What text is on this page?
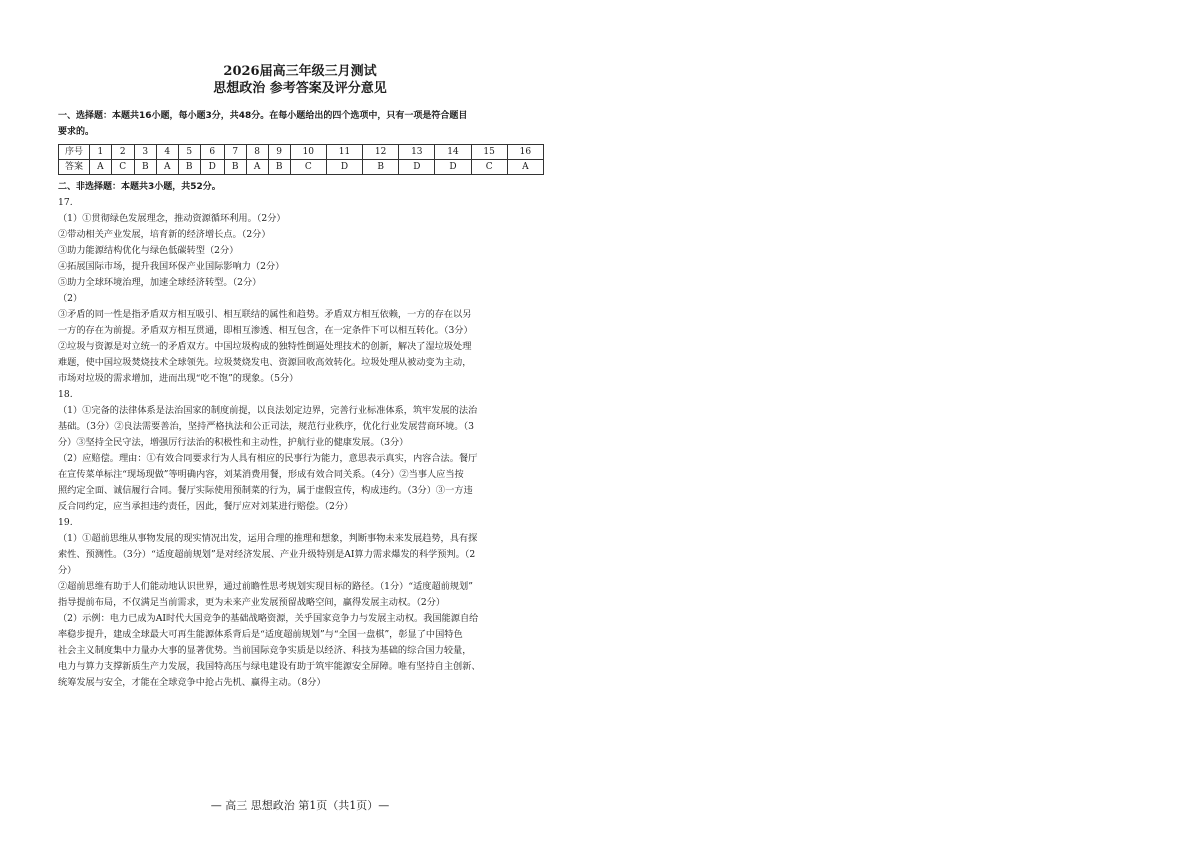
2026届高三年级三月测试
思想政治 参考答案及评分意见

一、选择题：本题共16小题，每小题3分，共48分。在每小题给出的四个选项中，只有一项是符合题目

要求的。

序号	1	2	3	4	5	6	7	8	9	10	11	12	13	14	15	16
答案	A	C	B	A	B	D	B	A	B	C	D	B	D	D	C	A

二、非选择题：本题共3小题，共52分。

17.

（1）①贯彻绿色发展理念，推动资源循环利用。（2分）

②带动相关产业发展，培育新的经济增长点。（2分）

③助力能源结构优化与绿色低碳转型（2分）

④拓展国际市场，提升我国环保产业国际影响力（2分）

⑤助力全球环境治理，加速全球经济转型。（2分）

（2）

③矛盾的同一性是指矛盾双方相互吸引、相互联结的属性和趋势。矛盾双方相互依赖，一方的存在以另

一方的存在为前提。矛盾双方相互贯通，即相互渗透、相互包含，在一定条件下可以相互转化。（3分）

②垃圾与资源是对立统一的矛盾双方。中国垃圾构成的独特性倒逼处理技术的创新，解决了湿垃圾处理

难题，使中国垃圾焚烧技术全球领先。垃圾焚烧发电、资源回收高效转化。垃圾处理从被动变为主动，

市场对垃圾的需求增加，进而出现“吃不饱”的现象。（5分）

18.

（1）①完备的法律体系是法治国家的制度前提，以良法划定边界，完善行业标准体系，筑牢发展的法治

基础。（3分）②良法需要善治，坚持严格执法和公正司法，规范行业秩序，优化行业发展营商环境。（3

分）③坚持全民守法，增强厉行法治的积极性和主动性，护航行业的健康发展。（3分）

（2）应赔偿。理由：①有效合同要求行为人具有相应的民事行为能力，意思表示真实，内容合法。餐厅

在宣传菜单标注“现场现做”等明确内容，刘某消费用餐，形成有效合同关系。（4分）②当事人应当按

照约定全面、诚信履行合同。餐厅实际使用预制菜的行为，属于虚假宣传，构成违约。（3分）③一方违

反合同约定，应当承担违约责任，因此，餐厅应对刘某进行赔偿。（2分）

19.

（1）①超前思维从事物发展的现实情况出发，运用合理的推理和想象，判断事物未来发展趋势，具有探

索性、预测性。（3分）“适度超前规划”是对经济发展、产业升级特别是AI算力需求爆发的科学预判。（2

分）

②超前思维有助于人们能动地认识世界，通过前瞻性思考规划实现目标的路径。（1分）“适度超前规划”

指导提前布局，不仅满足当前需求，更为未来产业发展预留战略空间，赢得发展主动权。（2分）

（2）示例：电力已成为AI时代大国竞争的基础战略资源，关乎国家竞争力与发展主动权。我国能源自给

率稳步提升，建成全球最大可再生能源体系背后是“适度超前规划”与“全国一盘棋”，彰显了中国特色

社会主义制度集中力量办大事的显著优势。当前国际竞争实质是以经济、科技为基础的综合国力较量，

电力与算力支撑新质生产力发展，我国特高压与绿电建设有助于筑牢能源安全屏障。唯有坚持自主创新、

统筹发展与安全，才能在全球竞争中抢占先机、赢得主动。（8分）

— 高三 思想政治 第1页（共1页）—
